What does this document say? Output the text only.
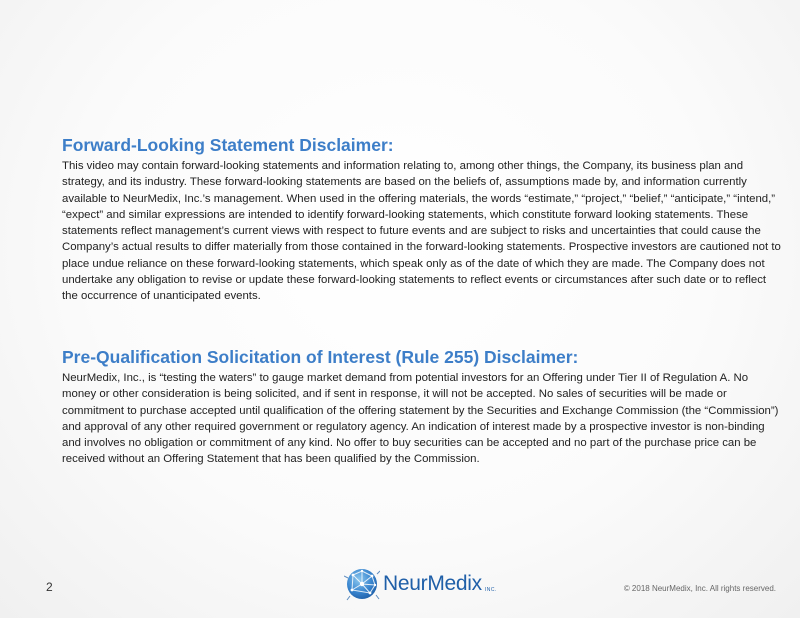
Forward-Looking Statement Disclaimer:

This video may contain forward-looking statements and information relating to, among other things, the Company, its business plan and strategy, and its industry. These forward-looking statements are based on the beliefs of, assumptions made by, and information currently available to NeurMedix, Inc.’s management. When used in the offering materials, the words “estimate,” “project,” “belief,” “anticipate,” “intend,” “expect” and similar expressions are intended to identify forward-looking statements, which constitute forward looking statements. These statements reflect management’s current views with respect to future events and are subject to risks and uncertainties that could cause the Company’s actual results to differ materially from those contained in the forward-looking statements. Prospective investors are cautioned not to place undue reliance on these forward-looking statements, which speak only as of the date of which they are made. The Company does not undertake any obligation to revise or update these forward-looking statements to reflect events or circumstances after such date or to reflect the occurrence of unanticipated events.

Pre-Qualification Solicitation of Interest (Rule 255) Disclaimer:

NeurMedix, Inc., is “testing the waters” to gauge market demand from potential investors for an Offering under Tier II of Regulation A. No money or other consideration is being solicited, and if sent in response, it will not be accepted. No sales of securities will be made or commitment to purchase accepted until qualification of the offering statement by the Securities and Exchange Commission (the “Commission”) and approval of any other required government or regulatory agency. An indication of interest made by a prospective investor is non-binding and involves no obligation or commitment of any kind. No offer to buy securities can be accepted and no part of the purchase price can be received without an Offering Statement that has been qualified by the Commission.

2	NeurMedix INC.	© 2018 NeurMedix, Inc. All rights reserved.
